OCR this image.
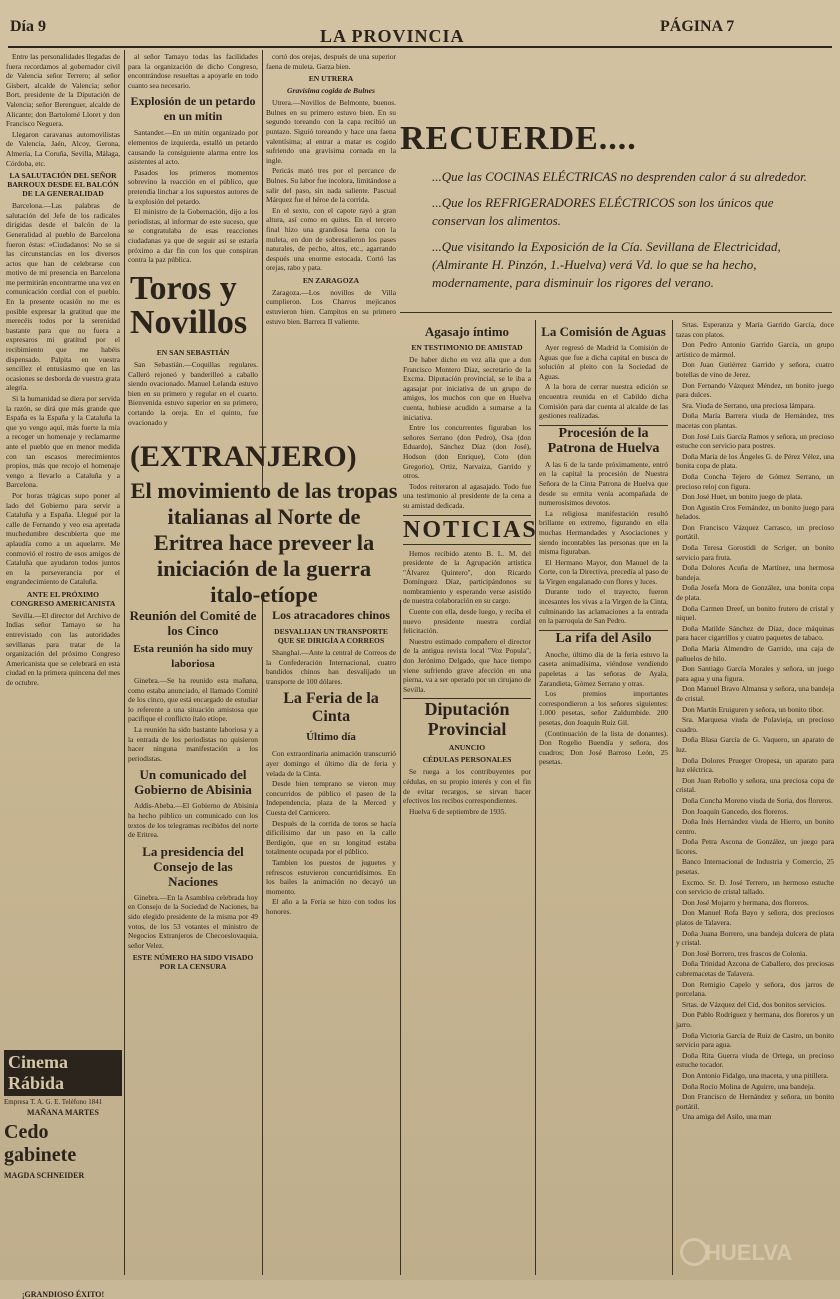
Día 9	LA PROVINCIA	PÁGINA 7

Entre las personalidades llegadas de fuera recordamos al gobernador civil de Valencia señor Terrero; al señor Gisbert, alcalde de Valencia; señor Bort, presidente de la Diputación de Valencia; señor Berenguer, alcalde de Alicante; don Bartolomé Lloret y don Francisco Neguera.

Llegaron caravanas automovilistas de Valencia, Jaén, Alcoy, Gerona, Almería, La Coruña, Sevilla, Málaga, Córdoba, etc.

LA SALUTACIÓN DEL SEÑOR BARROUX DESDE EL BALCÓN DE LA GENERALIDAD

Barcelona.—Las palabras de salutación del Jefe de los radicales dirigidas desde el balcón de la Generalidad al pueblo de Barcelona fueron éstas: «Ciudadanos: No se si las circunstancias en los diversos actos que han de celebrarse con motivo de mi presencia en Barcelona me permitirán encontrarme una vez en comunicación cordial con el pueblo. En la presente ocasión no me es posible expresar la gratitud que me merecéis todos por la serenidad bastante para que no fuera a expresaros mi gratitud por el recibimiento que me habéis dispensado. Palpita en vuestra sencillez el entusiasmo que en las ocasiones se desborda de vuestra grata alegría.

Si la humanidad se diera por servida la razón, se dirá que más grande que España es la España y la Cataluña la que yo vengo aquí, más fuerte la mía a recoger un homenaje y reclamarme ante el pueblo que en menor medida con tan escasos merecimientos propios, más que recojo el homenaje vengo a llevarlo a Cataluña y a Barcelona.

Por horas trágicas supo poner al lado del Gobierno para servir a Cataluña y a España. Llegué por la calle de Fernando y veo esa apretada muchedumbre descubierta que me aplaudía como a un aquelarre. Me conmovió el rostro de esos amigos de Cataluña que ayudaron todos juntos en la perseverancia por el engrandecimiento de Cataluña.

ANTE EL PRÓXIMO CONGRESO AMERICANISTA

Sevilla.—El director del Archivo de Indias señor Tamayo se ha entrevistado con las autoridades sevillanas para tratar de la organización del próximo Congreso Americanista que se celebrará en esta ciudad en la primera quincena del mes de octubre.

Cinema Rábida
Empresa T. A. G. E. Teléfono 1841
MAÑANA MARTES
Cedo gabinete
MAGDA SCHNEIDER
¡GRANDIOSO ÉXITO!

al señor Tamayo todas las facilidades para la organización de dicho Congreso, encontrándose resueltas a apoyarle en todo cuanto sea necesario.

Explosión de un petardo en un mitin

Santander.—En un mitin organizado por elementos de izquierda, estalló un petardo causando la consiguiente alarma entre los asistentes al acto.

Pasados los primeros momentos sobrevino la reacción en el público, que pretendía linchar a los supuestos autores de la explosión del petardo.

El ministro de la Gobernación, dijo a los periodistas, al informar de este suceso, que se congratulaba de esas reacciones ciudadanas ya que de seguir así se estaría próximo a dar fin con los que conspiran contra la paz pública.

Toros y Novillos

EN SAN SEBASTIÁN

San Sebastián.—Coquillas regulares. Calleró rejoneó y banderilleó a caballo siendo ovacionado. Manuel Lelanda estuvo bien en su primero y regular en el cuarto. Bienvenida estuvo superior en su primero, cortando la oreja. En el quinto, fue ovacionado y

cortó dos orejas, después de una superior faena de muleta. Garza bien.

EN UTRERA

Gravísima cogida de Bulnes

Utrera.—Novillos de Belmonte, buenos. Bulnes en su primero estuvo bien. En su segundo toreando con la capa recibió un puntazo. Siguió toreando y hace una faena valentísima; al entrar a matar es cogido sufriendo una gravísima cornada en la ingle.

Pericás mató tres por el percance de Bulnes. Su labor fue incolora, limitándose a salir del paso, sin nada saliente. Pascual Márquez fue el héroe de la corrida.

En el sexto, con el capote rayó a gran altura, así como en quites. En el tercero final hizo una grandiosa faena con la muleta, en don de sobresalieron los pases naturales, de pecho, altos, etc., agarrando después una enorme estocada. Cortó las orejas, rabo y pata.

EN ZARAGOZA

Zaragoza.—Los novillos de Villa cumplieron. Los Charros mejicanos estuvieron bien. Campitos en su primero estuvo bien. Barrera II valiente.

(EXTRANJERO)
El movimiento de las tropas italianas al Norte de Eritrea hace preveer la iniciación de la guerra italo-etíope

Reunión del Comité de los Cinco

Esta reunión ha sido muy laboriosa

Ginebra.—Se ha reunido esta mañana, como estaba anunciado, el llamado Comité de los cinco, que está encargado de estudiar lo referente a una situación amistosa que pacifique el conflicto ítalo etíope.

La reunión ha sido bastante laboriosa y a la entrada de los periodistas no quisieron hacer ninguna manifestación a los periodistas.

Un comunicado del Gobierno de Abisinia

Addis-Abeba.—El Gobierno de Abisinia ha hecho público un comunicado con los textos de los telegramas recibidos del norte de Eritrea.

La presidencia del Consejo de las Naciones

Ginebra.—En la Asamblea celebrada hoy en Consejo de la Sociedad de Naciones, ha sido elegido presidente de la misma por 49 votos, de los 53 votantes el ministro de Negocios Extranjeros de Checoeslovaquia, señor Velez.

ESTE NÚMERO HA SIDO VISADO POR LA CENSURA

Los atracadores chinos

DESVALIJAN UN TRANSPORTE QUE SE DIRIGÍA A CORREOS

Shanghai.—Ante la central de Correos de la Confederación Internacional, cuatro bandidos chinos han desvalijado un transporte de 100 dólares.

La Feria de la Cinta

Último día

Con extraordinaria animación transcurrió ayer domingo el último día de feria y velada de la Cinta.

Desde bien temprano se vieron muy concurridos de público el paseo de la Independencia, plaza de la Merced y Cuesta del Carnicero.

Después de la corrida de toros se hacía dificilísimo dar un paso en la calle Berdigón, que en su longitud estaba totalmente ocupada por el público.

Tambien los puestos de juguetes y refrescos estuvieron concurridísimos. En los bailes la animación no decayó un momento.

El año a la Feria se hizo con todos los honores.

RECUERDE....
...Que las COCINAS ELÉCTRICAS no desprenden calor á su alrededor.
...Que los REFRIGERADORES ELÉCTRICOS son los únicos que conservan los alimentos.
...Que visitando la Exposición de la Cía. Sevillana de Electricidad, (Almirante H. Pinzón, 1.-Huelva) verá Vd. lo que se ha hecho, modernamente, para disminuir los rigores del verano.

Agasajo íntimo

EN TESTIMONIO DE AMISTAD

De haber dicho en vez alla que a don Francisco Montero Díaz, secretario de la Excma. Diputación provincial, se le iba a agasajar por iniciativa de un grupo de amigos, los muchos con que en Huelva cuenta, hubiese acudido a sumarse a la iniciativa.

Entre los concurrentes figuraban los señores Serrano (don Pedro), Osa (don Eduardo), Sánchez Díaz (don José), Hodson (don Enrique), Coto (don Gregorio), Ortiz, Narvaiza, Garrido y otros.

Todos reiteraron al agasajado. Todo fue una testimonio al presidente de la cena a su amistad dedicada.

NOTICIAS

Hemos recibido atento B. L. M. del presidente de la Agrupación artística "Álvarez Quintero", don Ricardo Domínguez Díaz, participándonos su nombramiento y esperando verse asistido de nuestra colaboración en su cargo.

Cuente con ella, desde luego, y reciba el nuevo presidente nuestra cordial felicitación.

Nuestro estimado compañero el director de la antigua revista local "Voz Popula", don Jerónimo Delgado, que hace tiempo viene sufriendo grave afección en una pierna, va a ser operado por un cirujano de Sevilla.

Diputación Provincial

ANUNCIO

CÉDULAS PERSONALES

Se ruega a los contribuyentes por cédulas, en su propio interés y con el fin de evitar recargos, se sirvan hacer efectivos los recibos correspondientes.

Huelva 6 de septiembre de 1935.

La Comisión de Aguas

Ayer regresó de Madrid la Comisión de Aguas que fue a dicha capital en busca de solución al pleito con la Sociedad de Aguas.

A la hora de cerrar nuestra edición se encuentra reunida en el Cabildo dicha Comisión para dar cuenta al alcalde de las gestiones realizadas.

Procesión de la Patrona de Huelva

A las 6 de la tarde próximamente, entró en la capital la procesión de Nuestra Señora de la Cinta Patrona de Huelva que desde su ermita venía acompañada de numerosísimos devotos.

La religiosa manifestación resultó brillante en extremo, figurando en ella muchas Hermandades y Asociaciones y siendo incontables las personas que en la misma figuraban.

El Hermano Mayor, don Manuel de la Corte, con la Directiva, precedía al paso de la Virgen engalanado con flores y luces.

Durante todo el trayecto, fueron incesantes los vivas a la Virgen de la Cinta, culminando las aclamaciones a la entrada en la parroquia de San Pedro.

La rifa del Asilo

Anoche, último día de la feria estuvo la caseta animadísima, viéndose vendiendo papeletas a las señoras de Ayala, Zarandieta, Gómez Serrano y otras.

Los premios importantes correspondieron a los señores siguientes: 1.000 pesetas, señor Zaldumbide. 200 pesetas, don Joaquín Ruiz Gil.

(Continuación de la lista de donantes). Don Rogelio Buendía y señora, dos cuadros; Don José Barroso León, 25 pesetas.

Srtas. Esperanza y María Garrido García, doce tazas con platos.

Don Pedro Antonio Garrido García, un grupo artístico de mármol.

Don Juan Gutiérrez Garrido y señora, cuatro botellas de vino de Jerez.

Don Fernando Vázquez Méndez, un bonito juego para dulces.

Sra. Viuda de Serrano, una preciosa lámpara.

Doña María Barrera viuda de Hernández, tres macetas con plantas.

Don José Luis García Ramos y señora, un precioso estuche con servicio para postres.

Doña María de los Ángeles G. de Pérez Vélez, una bonita copa de plata.

Doña Concha Tejero de Gómez Serrano, un precioso reloj con figura.

Don José Huet, un bonito juego de plata.

Don Agustín Cros Fernández, un bonito juego para helados.

Don Francisco Vázquez Carrasco, un precioso portátil.

Doña Teresa Gorostidi de Scriger, un bonito servicio para fruta.

Doña Dolores Acuña de Martínez, una hermosa bandeja.

Doña Josefa Mora de González, una bonita copa de plata.

Doña Carmen Dreef, un bonito frutero de cristal y niquel.

Doña Matilde Sánchez de Díaz, doce máquinas para hacer cigarrillos y cuatro paquetes de tabaco.

Doña María Almendro de Garrido, una caja de pañuelos de hilo.

Don Santiago García Morales y señora, un juego para agua y una figura.

Don Manuel Bravo Almansa y señora, una bandeja de cristal.

Don Martín Eruiguren y señora, un bonito tibor.

Sra. Marquesa viuda de Polavieja, un precioso cuadro.

Doña Blasa García de G. Vaquero, un aparato de luz.

Doña Dolores Prueger Oropesa, un aparato para luz eléctrica.

Don Juan Rebollo y señora, una preciosa copa de cristal.

Doña Concha Moreno viuda de Soria, dos floreros.

Don Joaquín Gancedo, dos floreros.

Doña Inés Hernández viuda de Hierro, un bonito centro.

Doña Petra Ascona de González, un juego para licores.

Banco Internacional de Industria y Comercio, 25 pesetas.

Excmo. Sr. D. José Terrero, un hermoso estuche con servicio de cristal tallado.

Don José Mojarro y hermana, dos floreros.

Don Manuel Rofa Bayo y señora, dos preciosos platos de Talavera.

Doña Juana Borrero, una bandeja dulcera de plata y cristal.

Don José Borrero, tres frascos de Colonia.

Doña Trinidad Azcona de Caballero, dos preciosas cubremacetas de Talavera.

Don Remigio Capelo y señora, dos jarros de porcelana.

Srtas. de Vázquez del Cid, dos bonitos servicios.

Don Pablo Rodríguez y hermana, dos floreros y un jarro.

Doña Victoria García de Ruiz de Castro, un bonito servicio para agua.

Doña Rita Guerra viuda de Ortega, un precioso estuche tocador.

Don Antonio Fidalgo, una maceta, y una pitillera.

Doña Rocío Molina de Aguirre, una bandeja.

Don Francisco de Hernández y señora, un bonito portátil.

Una amiga del Asilo, una man

HUELVA
